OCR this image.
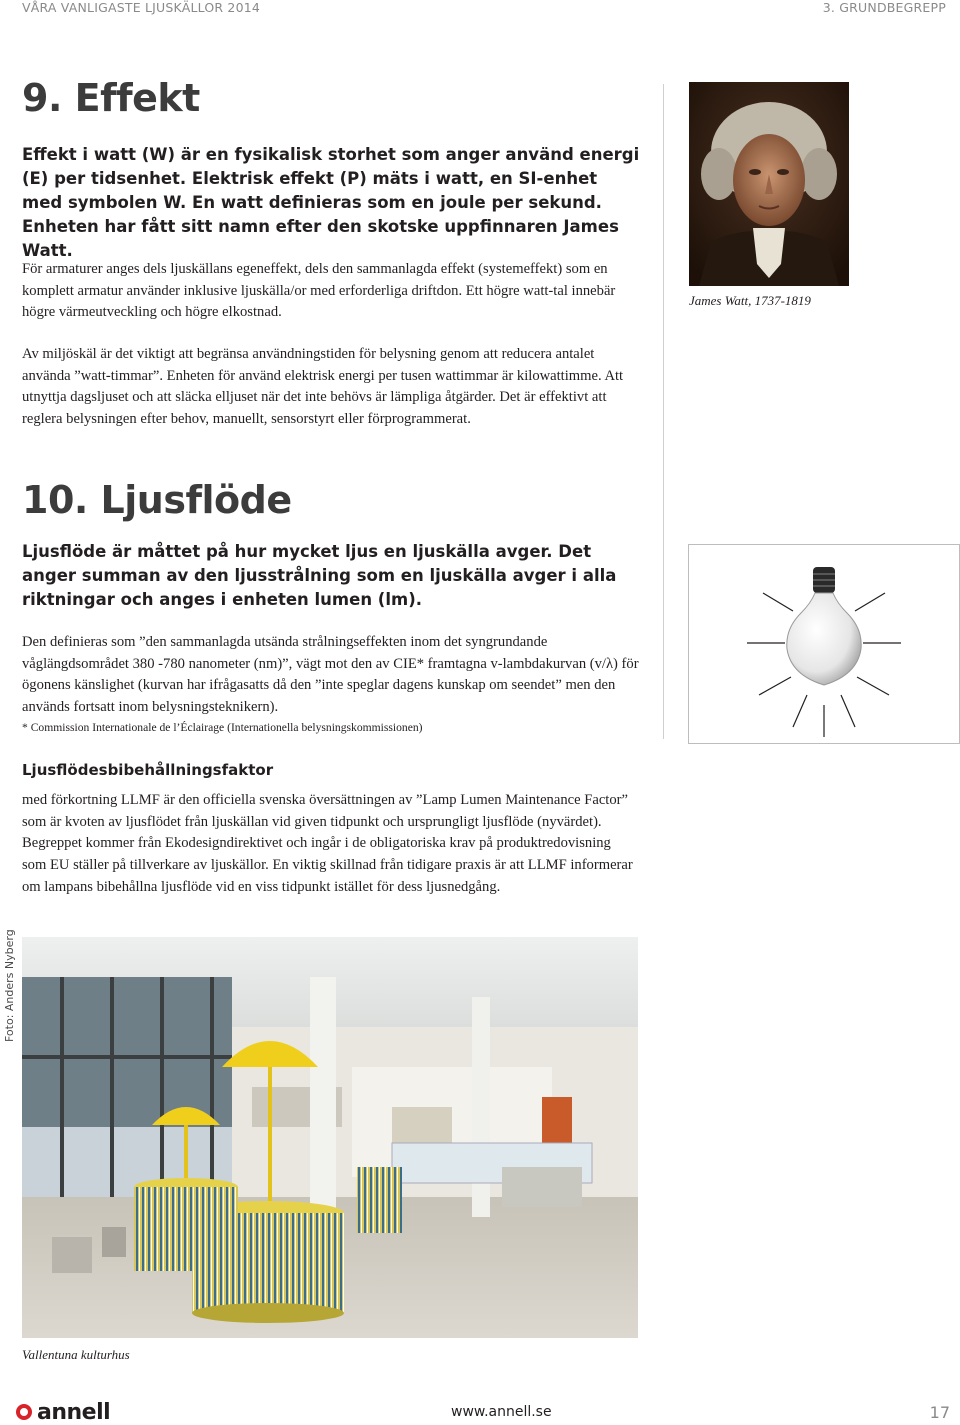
VÅRA VANLIGASTE LJUSKÄLLOR 2014	3. GRUNDBEGREPP
9. Effekt

Effekt i watt (W) är en fysikalisk storhet som anger använd energi (E) per tidsenhet. Elektrisk effekt (P) mäts i watt, en SI-enhet med symbolen W. En watt definieras som en joule per sekund. Enheten har fått sitt namn efter den skotske uppfinnaren James Watt.

För armaturer anges dels ljuskällans egeneffekt, dels den sammanlagda effekt (systemeffekt) som en komplett armatur använder inklusive ljuskälla/or med erforderliga driftdon. Ett högre watt-tal innebär högre värmeutveckling och högre elkostnad.

James Watt, 1737-1819

Av miljöskäl är det viktigt att begränsa användningstiden för belysning genom att reducera antalet använda ”watt-timmar”. Enheten för använd elektrisk energi per tusen wattimmar är kilowattimme. Att utnyttja dagsljuset och att släcka elljuset när det inte behövs är lämpliga åtgärder. Det är effektivt att reglera belysningen efter behov, manuellt, sensorstyrt eller förprogrammerat.

10. Ljusflöde

Ljusflöde är måttet på hur mycket ljus en ljuskälla avger. Det anger summan av den ljusstrålning som en ljuskälla avger i alla riktningar och anges i enheten lumen (lm).

Den definieras som ”den sammanlagda utsända strålningseffekten inom det syngrundande våglängdsområdet 380 -780 nanometer (nm)”, vägt mot den av CIE* framtagna v-lambdakurvan (v/λ) för ögonens känslighet (kurvan har ifrågasatts då den ”inte speglar dagens kunskap om seendet” men den används fortsatt inom belysningsteknikern).

* Commission Internationale de l’Éclairage (Internationella belysningskommissionen)

Ljusflödesbibehållningsfaktor

med förkortning LLMF är den officiella svenska översättningen av ”Lamp Lumen Maintenance Factor” som är kvoten av ljusflödet från ljuskällan vid given tidpunkt och ursprungligt ljusflöde (nyvärdet). Begreppet kommer från Ekodesigndirektivet och ingår i de obligatoriska krav på produktredovisning som EU ställer på tillverkare av ljuskällor. En viktig skillnad från tidigare praxis är att LLMF informerar om lampans bibehållna ljusflöde vid en viss tidpunkt istället för dess ljusnedgång.

Foto: Anders Nyberg
Vallentuna kulturhus
annell	www.annell.se	17
